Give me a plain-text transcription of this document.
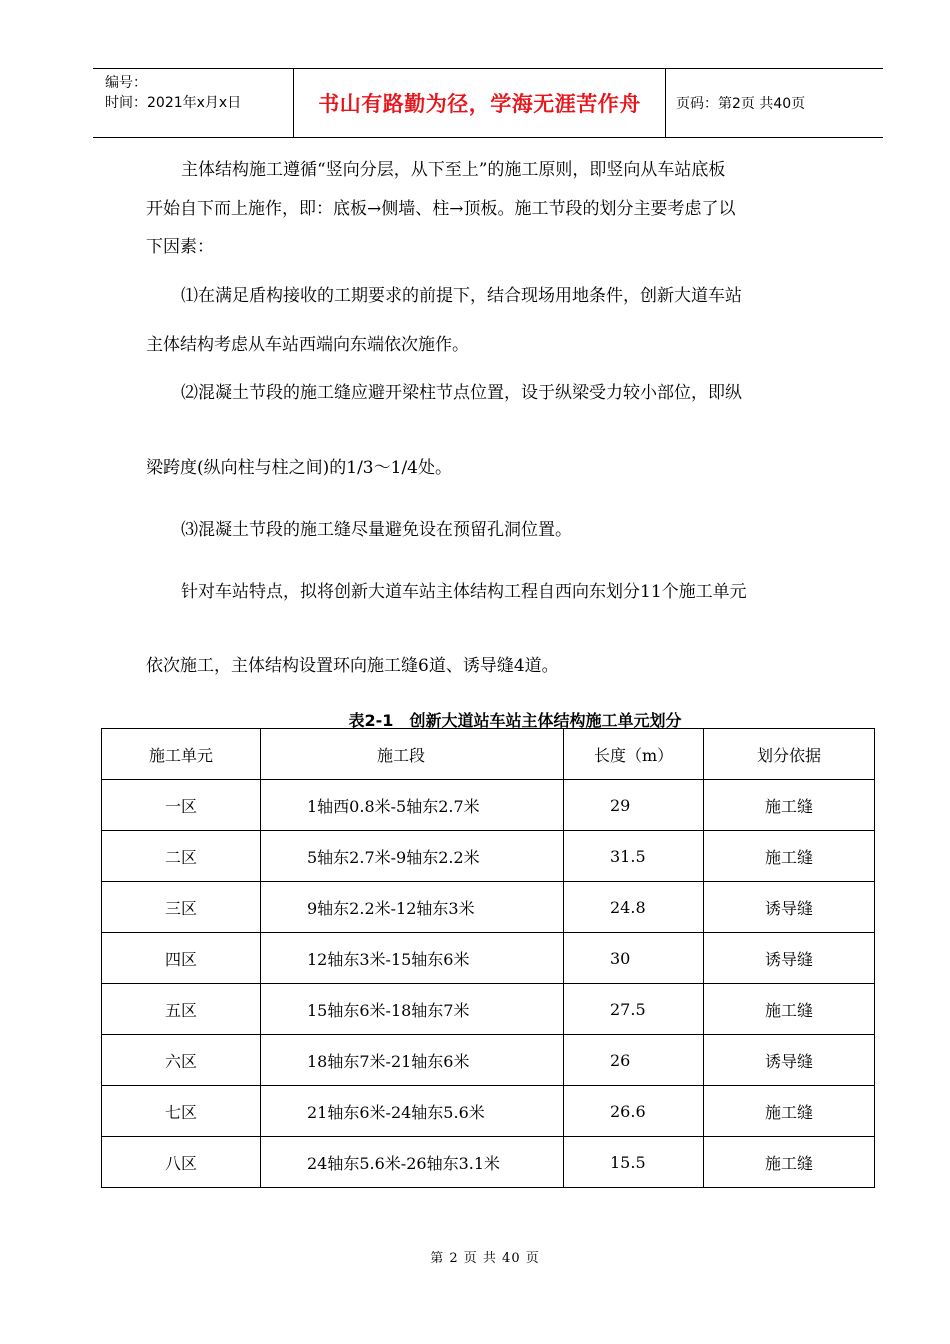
编号：
时间：2021年x月x日	书山有路勤为径，学海无涯苦作舟	页码：第2页 共40页
主体结构施工遵循“竖向分层，从下至上”的施工原则，即竖向从车站底板
开始自下而上施作，即：底板→侧墙、柱→顶板。施工节段的划分主要考虑了以
下因素：
⑴在满足盾构接收的工期要求的前提下，结合现场用地条件，创新大道车站
主体结构考虑从车站西端向东端依次施作。
⑵混凝土节段的施工缝应避开梁柱节点位置，设于纵梁受力较小部位，即纵
梁跨度(纵向柱与柱之间)的1/3～1/4处。
⑶混凝土节段的施工缝尽量避免设在预留孔洞位置。
针对车站特点，拟将创新大道车站主体结构工程自西向东划分11个施工单元
依次施工，主体结构设置环向施工缝6道、诱导缝4道。
表2-1　创新大道站车站主体结构施工单元划分
施工单元	施工段	长度（m）	划分依据
一区	1轴西0.8米-5轴东2.7米	29	施工缝
二区	5轴东2.7米-9轴东2.2米	31.5	施工缝
三区	9轴东2.2米-12轴东3米	24.8	诱导缝
四区	12轴东3米-15轴东6米	30	诱导缝
五区	15轴东6米-18轴东7米	27.5	施工缝
六区	18轴东7米-21轴东6米	26	诱导缝
七区	21轴东6米-24轴东5.6米	26.6	施工缝
八区	24轴东5.6米-26轴东3.1米	15.5	施工缝
第 2 页 共 40 页
